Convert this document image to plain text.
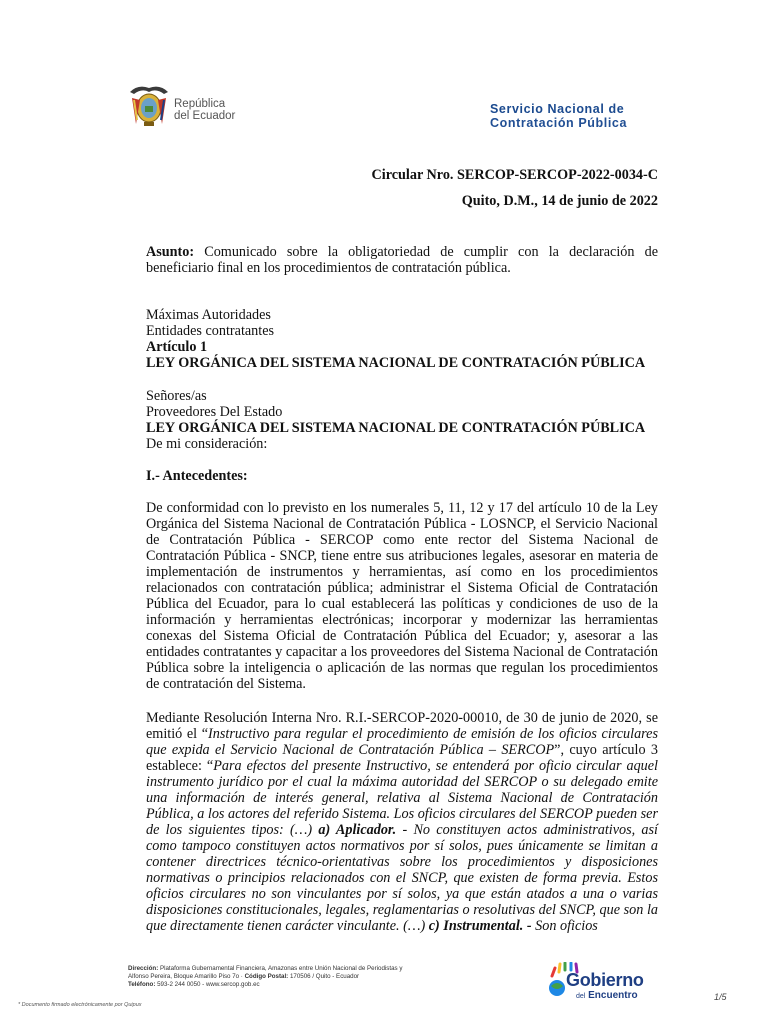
República
del Ecuador	Servicio Nacional de
Contratación Pública
Circular Nro. SERCOP-SERCOP-2022-0034-C
Quito, D.M., 14 de junio de 2022
Asunto: Comunicado sobre la obligatoriedad de cumplir con la declaración de beneficiario final en los procedimientos de contratación pública.
Máximas Autoridades
Entidades contratantes
Artículo 1
LEY ORGÁNICA DEL SISTEMA NACIONAL DE CONTRATACIÓN PÚBLICA
Señores/as
Proveedores Del Estado
LEY ORGÁNICA DEL SISTEMA NACIONAL DE CONTRATACIÓN PÚBLICA
De mi consideración:
I.- Antecedentes:
De conformidad con lo previsto en los numerales 5, 11, 12 y 17 del artículo 10 de la Ley Orgánica del Sistema Nacional de Contratación Pública - LOSNCP, el Servicio Nacional de Contratación Pública - SERCOP como ente rector del Sistema Nacional de Contratación Pública - SNCP, tiene entre sus atribuciones legales, asesorar en materia de implementación de instrumentos y herramientas, así como en los procedimientos relacionados con contratación pública; administrar el Sistema Oficial de Contratación Pública del Ecuador, para lo cual establecerá las políticas y condiciones de uso de la información y herramientas electrónicas; incorporar y modernizar las herramientas conexas del Sistema Oficial de Contratación Pública del Ecuador; y, asesorar a las entidades contratantes y capacitar a los proveedores del Sistema Nacional de Contratación Pública sobre la inteligencia o aplicación de las normas que regulan los procedimientos de contratación del Sistema.
Mediante Resolución Interna Nro. R.I.-SERCOP-2020-00010, de 30 de junio de 2020, se emitió el “Instructivo para regular el procedimiento de emisión de los oficios circulares que expida el Servicio Nacional de Contratación Pública – SERCOP”, cuyo artículo 3 establece: “Para efectos del presente Instructivo, se entenderá por oficio circular aquel instrumento jurídico por el cual la máxima autoridad del SERCOP o su delegado emite una información de interés general, relativa al Sistema Nacional de Contratación Pública, a los actores del referido Sistema. Los oficios circulares del SERCOP pueden ser de los siguientes tipos: (…) a) Aplicador. - No constituyen actos administrativos, así como tampoco constituyen actos normativos por sí solos, pues únicamente se limitan a contener directrices técnico-orientativas sobre los procedimientos y disposiciones normativas o principios relacionados con el SNCP, que existen de forma previa. Estos oficios circulares no son vinculantes por sí solos, ya que están atados a una o varias disposiciones constitucionales, legales, reglamentarias o resolutivas del SNCP, que son la que directamente tienen carácter vinculante. (…) c) Instrumental. - Son oficios
Dirección: Plataforma Gubernamental Financiera, Amazonas entre Unión Nacional de Periodistas y
Alfonso Pereira, Bloque Amarillo Piso 7o · Código Postal: 170506 / Quito - Ecuador
Teléfono: 593-2 244 0050 - www.sercop.gob.ec	Gobierno
del Encuentro	1/5
* Documento firmado electrónicamente por Quipux
